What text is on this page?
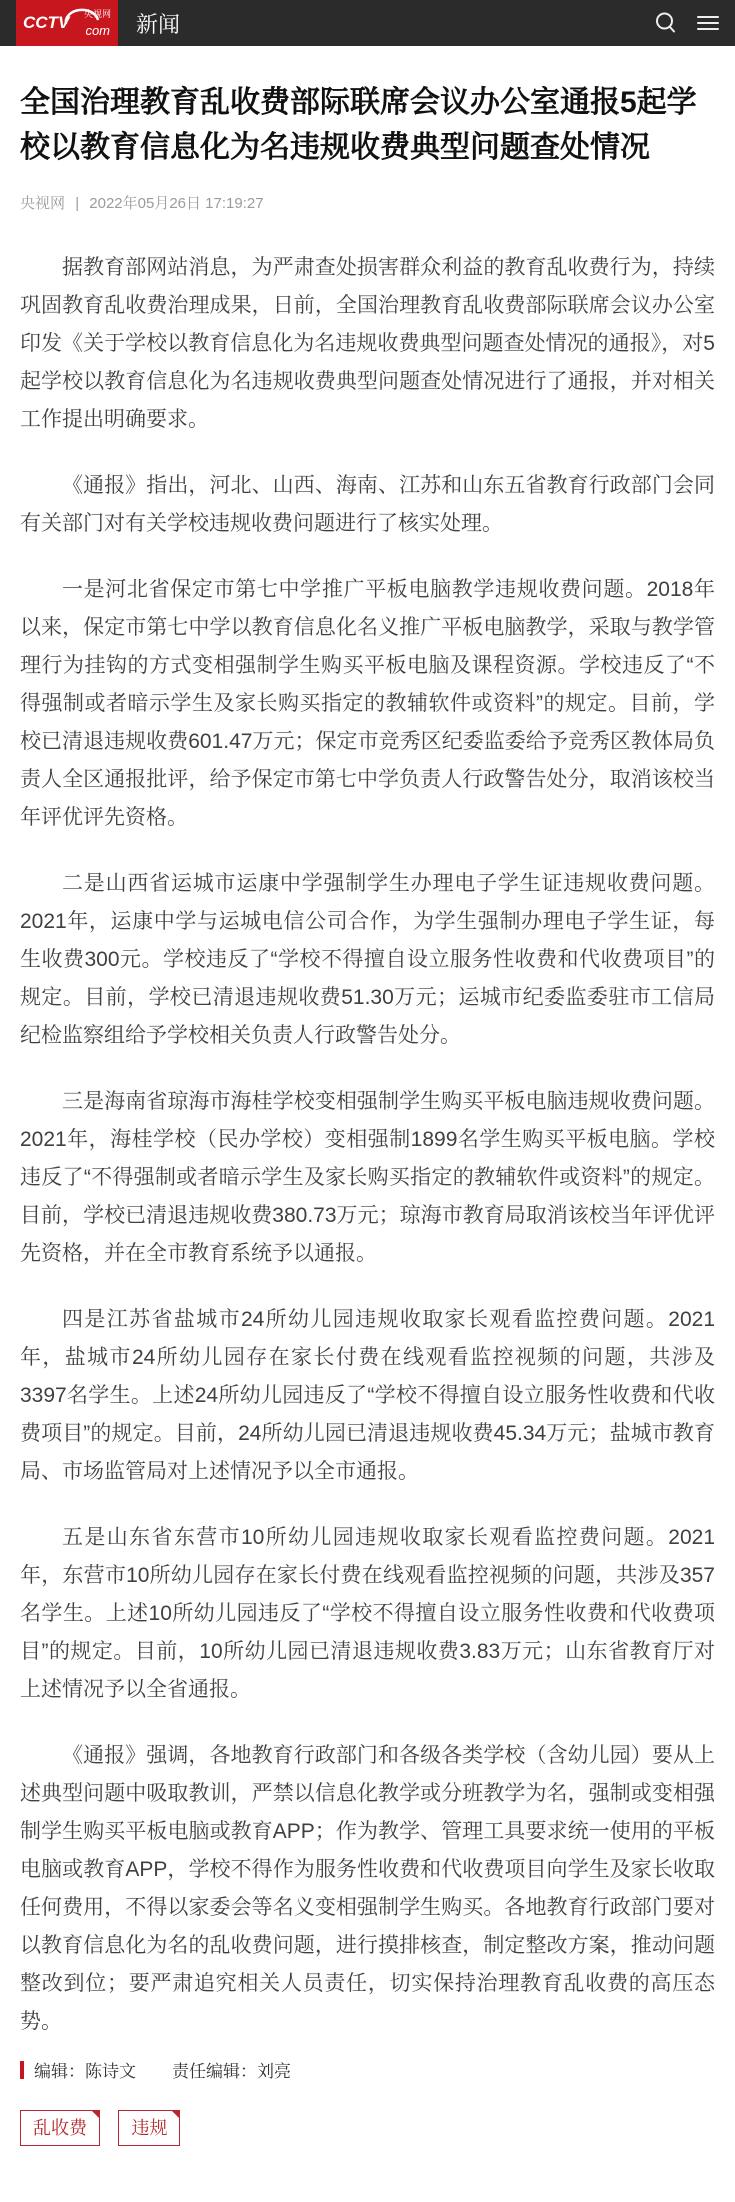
CCTV 央视网
com 新闻
全国治理教育乱收费部际联席会议办公室通报5起学校以教育信息化为名违规收费典型问题查处情况
央视网 | 2022年05月26日 17:19:27

据教育部网站消息，为严肃查处损害群众利益的教育乱收费行为，持续巩固教育乱收费治理成果，日前，全国治理教育乱收费部际联席会议办公室印发《关于学校以教育信息化为名违规收费典型问题查处情况的通报》，对5起学校以教育信息化为名违规收费典型问题查处情况进行了通报，并对相关工作提出明确要求。

《通报》指出，河北、山西、海南、江苏和山东五省教育行政部门会同有关部门对有关学校违规收费问题进行了核实处理。

一是河北省保定市第七中学推广平板电脑教学违规收费问题。2018年以来，保定市第七中学以教育信息化名义推广平板电脑教学，采取与教学管理行为挂钩的方式变相强制学生购买平板电脑及课程资源。学校违反了“不得强制或者暗示学生及家长购买指定的教辅软件或资料”的规定。目前，学校已清退违规收费601.47万元；保定市竞秀区纪委监委给予竞秀区教体局负责人全区通报批评，给予保定市第七中学负责人行政警告处分，取消该校当年评优评先资格。

二是山西省运城市运康中学强制学生办理电子学生证违规收费问题。2021年，运康中学与运城电信公司合作，为学生强制办理电子学生证，每生收费300元。学校违反了“学校不得擅自设立服务性收费和代收费项目”的规定。目前，学校已清退违规收费51.30万元；运城市纪委监委驻市工信局纪检监察组给予学校相关负责人行政警告处分。

三是海南省琼海市海桂学校变相强制学生购买平板电脑违规收费问题。2021年，海桂学校（民办学校）变相强制1899名学生购买平板电脑。学校违反了“不得强制或者暗示学生及家长购买指定的教辅软件或资料”的规定。目前，学校已清退违规收费380.73万元；琼海市教育局取消该校当年评优评先资格，并在全市教育系统予以通报。

四是江苏省盐城市24所幼儿园违规收取家长观看监控费问题。2021年，盐城市24所幼儿园存在家长付费在线观看监控视频的问题，共涉及3397名学生。上述24所幼儿园违反了“学校不得擅自设立服务性收费和代收费项目”的规定。目前，24所幼儿园已清退违规收费45.34万元；盐城市教育局、市场监管局对上述情况予以全市通报。

五是山东省东营市10所幼儿园违规收取家长观看监控费问题。2021年，东营市10所幼儿园存在家长付费在线观看监控视频的问题，共涉及357名学生。上述10所幼儿园违反了“学校不得擅自设立服务性收费和代收费项目”的规定。目前，10所幼儿园已清退违规收费3.83万元；山东省教育厅对上述情况予以全省通报。

《通报》强调，各地教育行政部门和各级各类学校（含幼儿园）要从上述典型问题中吸取教训，严禁以信息化教学或分班教学为名，强制或变相强制学生购买平板电脑或教育APP；作为教学、管理工具要求统一使用的平板电脑或教育APP，学校不得作为服务性收费和代收费项目向学生及家长收取任何费用，不得以家委会等名义变相强制学生购买。各地教育行政部门要对以教育信息化为名的乱收费问题，进行摸排核查，制定整改方案，推动问题整改到位；要严肃追究相关人员责任，切实保持治理教育乱收费的高压态势。

编辑：陈诗文 责任编辑：刘亮
乱收费 违规
